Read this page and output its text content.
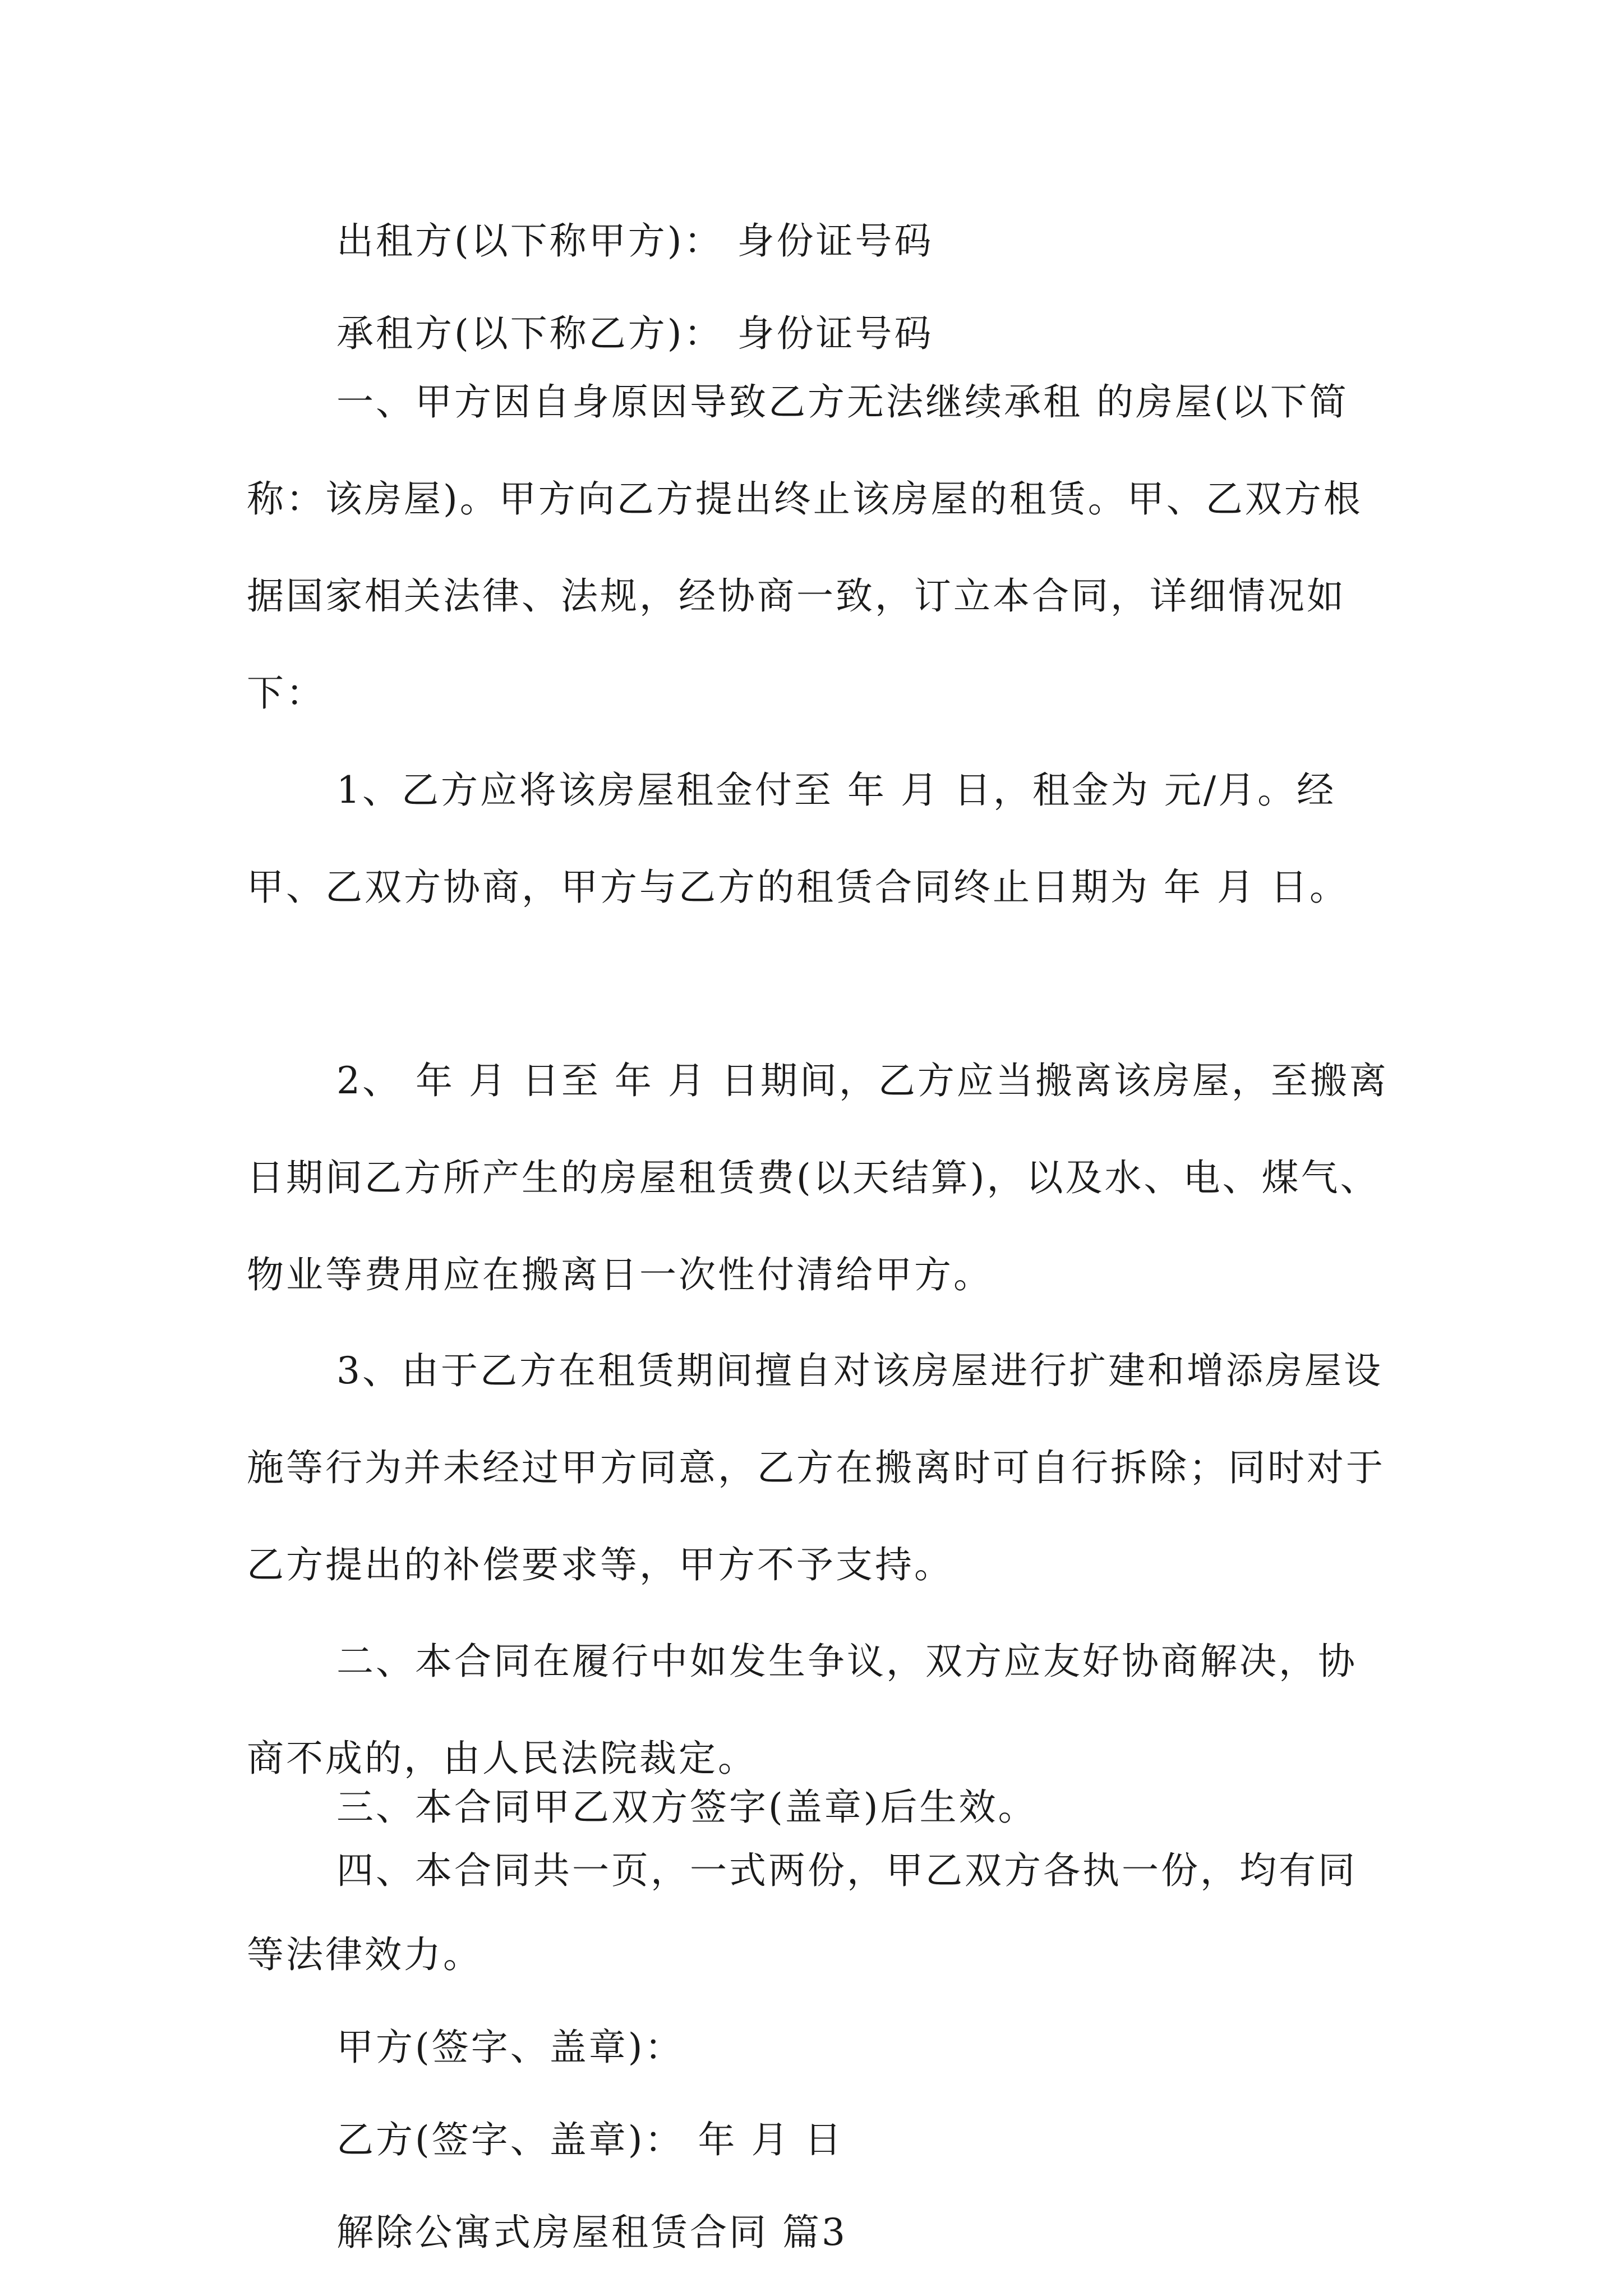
出租方(以下称甲方)： 身份证号码

承租方(以下称乙方)： 身份证号码

一、甲方因自身原因导致乙方无法继续承租 的房屋(以下简称：该房屋)。甲方向乙方提出终止该房屋的租赁。甲、乙双方根据国家相关法律、法规，经协商一致，订立本合同，详细情况如下：

1、乙方应将该房屋租金付至 年 月 日，租金为 元/月。经甲、乙双方协商，甲方与乙方的租赁合同终止日期为 年 月 日。

2、 年 月 日至 年 月 日期间，乙方应当搬离该房屋，至搬离日期间乙方所产生的房屋租赁费(以天结算)，以及水、电、煤气、物业等费用应在搬离日一次性付清给甲方。

3、由于乙方在租赁期间擅自对该房屋进行扩建和增添房屋设施等行为并未经过甲方同意，乙方在搬离时可自行拆除；同时对于乙方提出的补偿要求等，甲方不予支持。

二、本合同在履行中如发生争议，双方应友好协商解决，协商不成的，由人民法院裁定。

三、本合同甲乙双方签字(盖章)后生效。

四、本合同共一页，一式两份，甲乙双方各执一份，均有同等法律效力。

甲方(签字、盖章)：

乙方(签字、盖章)： 年 月 日

解除公寓式房屋租赁合同 篇3
